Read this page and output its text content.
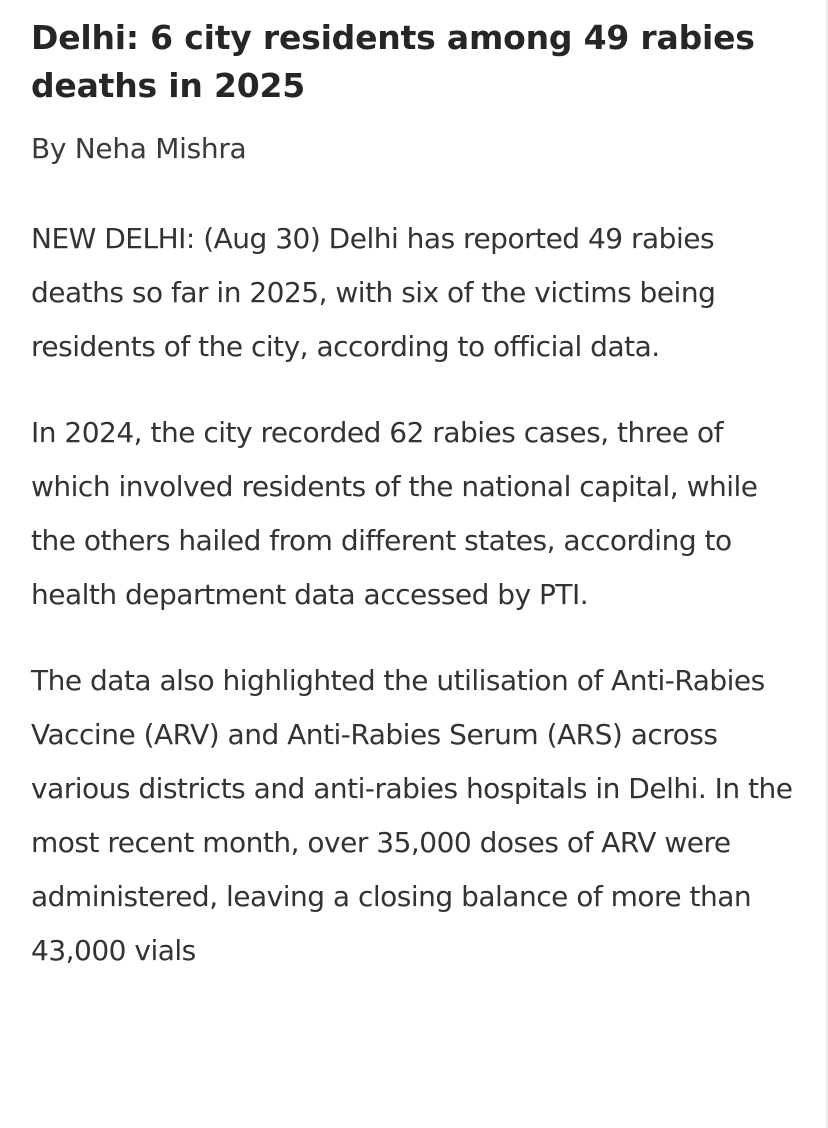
Delhi: 6 city residents among 49 rabies deaths in 2025

By Neha Mishra

NEW DELHI: (Aug 30) Delhi has reported 49 rabies deaths so far in 2025, with six of the victims being residents of the city, according to official data.

In 2024, the city recorded 62 rabies cases, three of which involved residents of the national capital, while the others hailed from different states, according to health department data accessed by PTI.

The data also highlighted the utilisation of Anti-Rabies Vaccine (ARV) and Anti-Rabies Serum (ARS) across various districts and anti-rabies hospitals in Delhi. In the most recent month, over 35,000 doses of ARV were administered, leaving a closing balance of more than 43,000 vials
